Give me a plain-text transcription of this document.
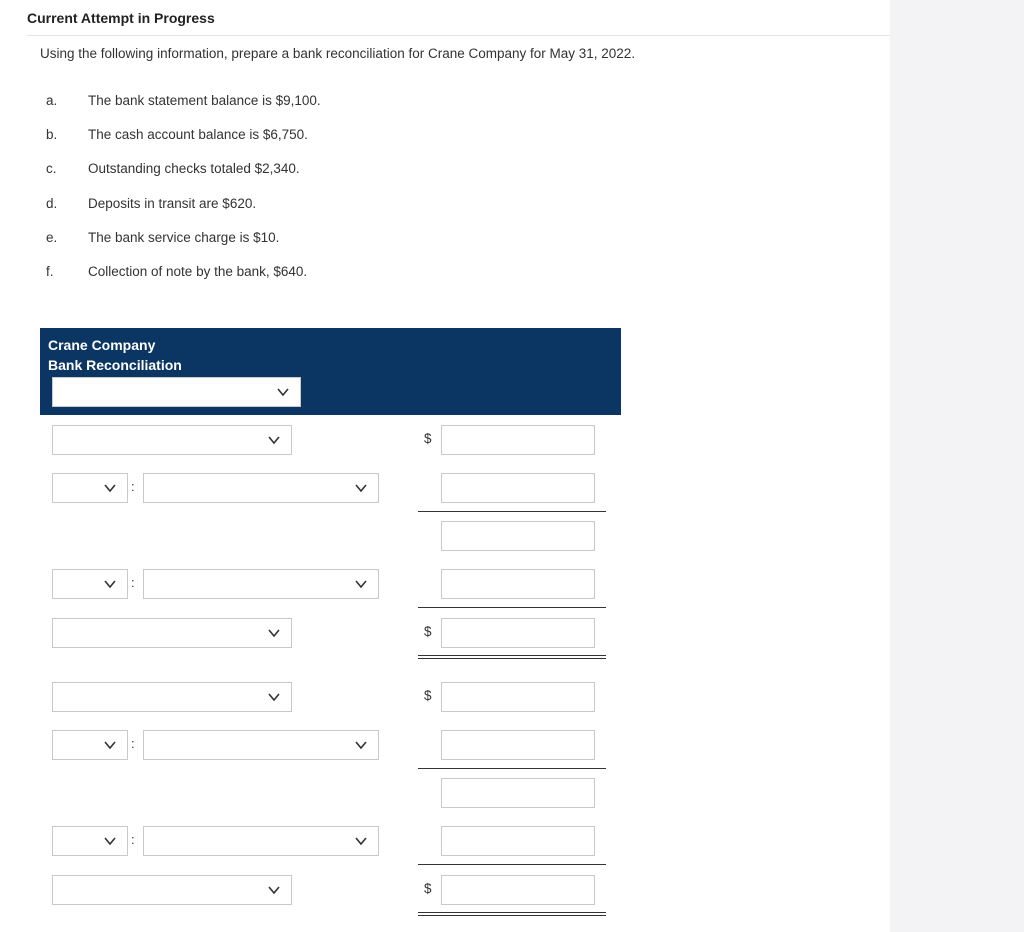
Current Attempt in Progress
Using the following information, prepare a bank reconciliation for Crane Company for May 31, 2022.
a. The bank statement balance is $9,100.
b. The cash account balance is $6,750.
c. Outstanding checks totaled $2,340.
d. Deposits in transit are $620.
e. The bank service charge is $10.
f.	Collection of note by the bank, $640.
Crane Company
Bank Reconciliation
$
:
:
$
$
:
:
$
